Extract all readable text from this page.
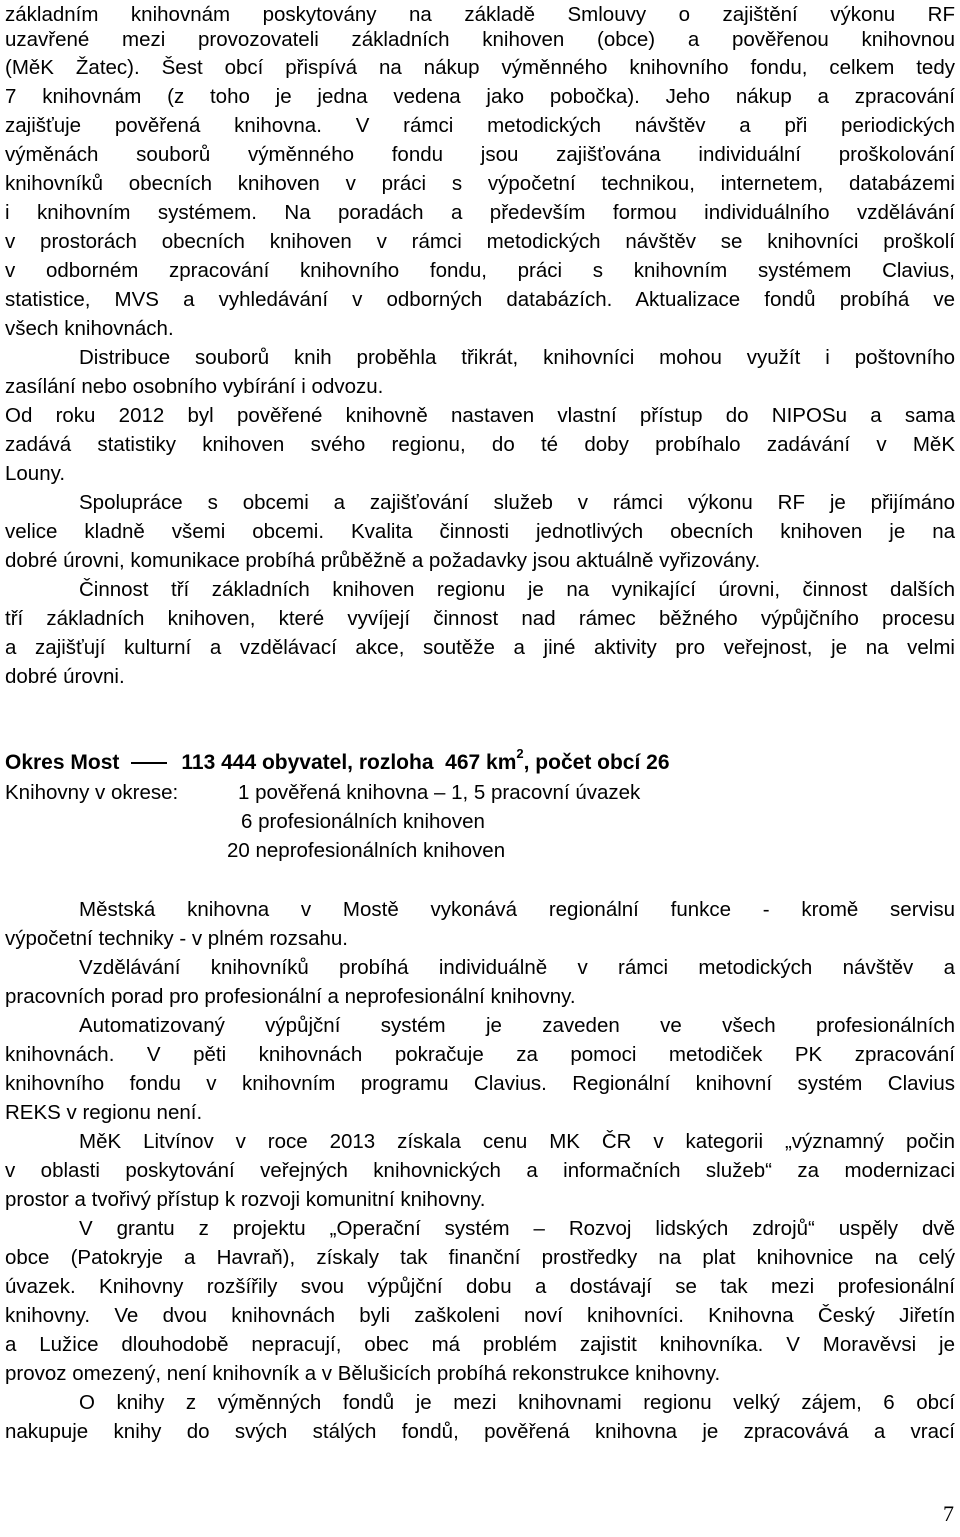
základním knihovnám poskytovány na základě Smlouvy o zajištění výkonu RF
uzavřené mezi provozovateli základních knihoven (obce) a pověřenou knihovnou
(MěK Žatec). Šest obcí přispívá na nákup výměnného knihovního fondu, celkem tedy
7 knihovnám (z toho je jedna vedena jako pobočka). Jeho nákup a zpracování
zajišťuje pověřená knihovna. V rámci metodických návštěv a při periodických
výměnách souborů výměnného fondu jsou zajišťována individuální proškolování
knihovníků obecních knihoven v práci s výpočetní technikou, internetem, databázemi
i knihovním systémem. Na poradách a především formou individuálního vzdělávání
v prostorách obecních knihoven v rámci metodických návštěv se knihovníci proškolí
v odborném zpracování knihovního fondu, práci s knihovním systémem Clavius,
statistice, MVS a vyhledávání v odborných databázích. Aktualizace fondů probíhá ve
všech knihovnách.
Distribuce souborů knih proběhla třikrát, knihovníci mohou využít i poštovního
zasílání nebo osobního vybírání i odvozu.
Od roku 2012 byl pověřené knihovně nastaven vlastní přístup do NIPOSu a sama
zadává statistiky knihoven svého regionu, do té doby probíhalo zadávání v MěK
Louny.
Spolupráce s obcemi a zajišťování služeb v rámci výkonu RF je přijímáno
velice kladně všemi obcemi. Kvalita činnosti jednotlivých obecních knihoven je na
dobré úrovni, komunikace probíhá průběžně a požadavky jsou aktuálně vyřizovány.
Činnost tří základních knihoven regionu je na vynikající úrovni, činnost dalších
tří základních knihoven, které vyvíjejí činnost nad rámec běžného výpůjčního procesu
a zajišťují kulturní a vzdělávací akce, soutěže a jiné aktivity pro veřejnost, je na velmi
dobré úrovni.
Okres Most	113 444 obyvatel, rozloha 467 $km^2$, počet obcí 26
Knihovny v okrese:	1 pověřená knihovna – 1, 5 pracovní úvazek
6 profesionálních knihoven
20 neprofesionálních knihoven
Městská knihovna v Mostě vykonává regionální funkce - kromě servisu
výpočetní techniky - v plném rozsahu.
Vzdělávání knihovníků probíhá individuálně v rámci metodických návštěv a
pracovních porad pro profesionální a neprofesionální knihovny.
Automatizovaný výpůjční systém je zaveden ve všech profesionálních
knihovnách. V pěti knihovnách pokračuje za pomoci metodiček PK zpracování
knihovního fondu v knihovním programu Clavius. Regionální knihovní systém Clavius
REKS v regionu není.
MěK Litvínov v roce 2013 získala cenu MK ČR v kategorii „významný počin
v oblasti poskytování veřejných knihovnických a informačních služeb“ za modernizaci
prostor a tvořivý přístup k rozvoji komunitní knihovny.
V grantu z projektu „Operační systém – Rozvoj lidských zdrojů“ uspěly dvě
obce (Patokryje a Havraň), získaly tak finanční prostředky na plat knihovnice na celý
úvazek. Knihovny rozšířily svou výpůjční dobu a dostávají se tak mezi profesionální
knihovny. Ve dvou knihovnách byli zaškoleni noví knihovníci. Knihovna Český Jiřetín
a Lužice dlouhodobě nepracují, obec má problém zajistit knihovníka. V Moravěvsi je
provoz omezený, není knihovník a v Bělušicích probíhá rekonstrukce knihovny.
O knihy z výměnných fondů je mezi knihovnami regionu velký zájem, 6 obcí
nakupuje knihy do svých stálých fondů, pověřená knihovna je zpracovává a vrací
7
